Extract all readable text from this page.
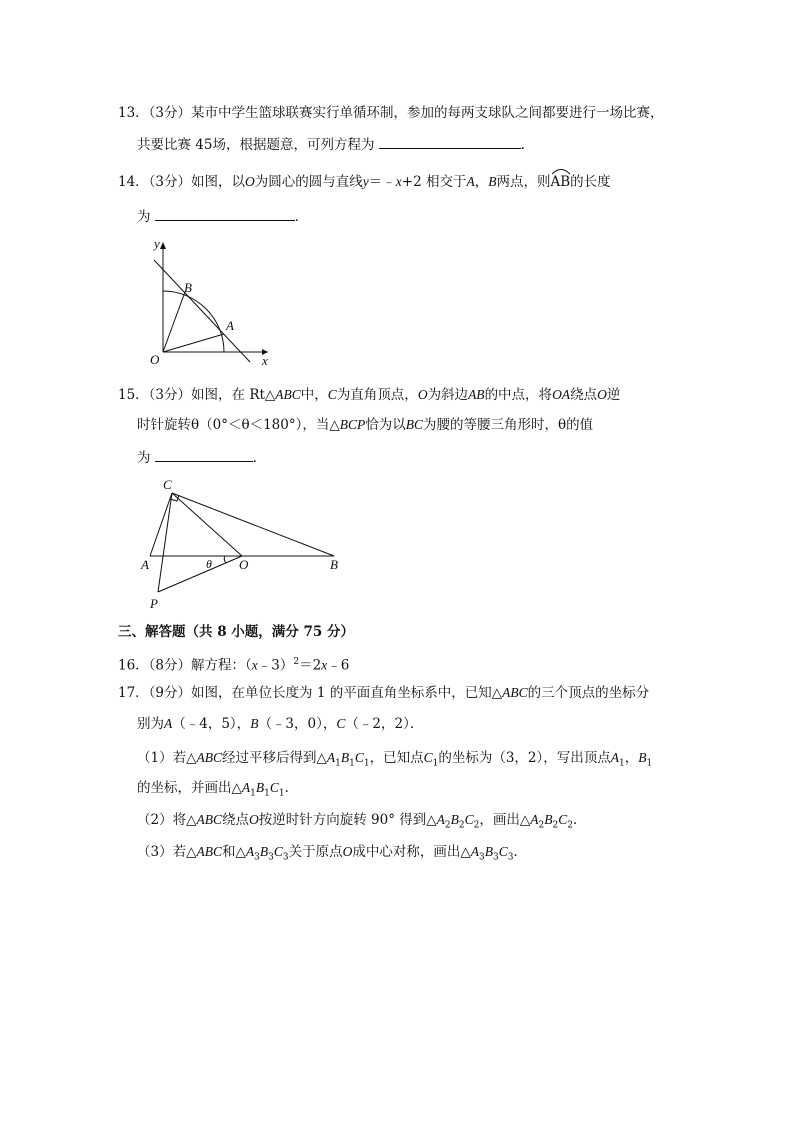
13．（3分）某市中学生篮球联赛实行单循环制，参加的每两支球队之间都要进行一场比赛，
共要比赛 45场，根据题意，可列方程为	．
14．（3分）如图，以O为圆心的圆与直线y＝﹣x+2 相交于A，B两点，则
AB的长度
为	．
y
x
O
B
A
15．（3分）如图，在 Rt△ABC中，C为直角顶点，O为斜边AB的中点，将OA绕点O逆
时针旋转θ（0°＜θ＜180°），当△BCP恰为以BC为腰的等腰三角形时，θ的值
为	．
C
A	O	B
P
θ
三、解答题（共 8 小题，满分 75 分）
16．（8分）解方程：（x﹣3）$^2$＝2x﹣6
17．（9分）如图，在单位长度为 1 的平面直角坐标系中，已知△ABC的三个顶点的坐标分
别为A（﹣4，5），B（﹣3，0），C（﹣2，2）．
（1）若△ABC经过平移后得到$\triangle A_1B_1C_1$，已知点$C_1$的坐标为（3，2），写出顶点$A_1$，$B_1$
的坐标，并画出$\triangle A_1B_1C_1$．
（2）将△ABC绕点O按逆时针方向旋转 90° 得到$\triangle A_2B_2C_2$，画出$\triangle A_2B_2C_2$．
（3）若△ABC和$\triangle A_3B_3C_3$关于原点O成中心对称，画出$\triangle A_3B_3C_3$．
